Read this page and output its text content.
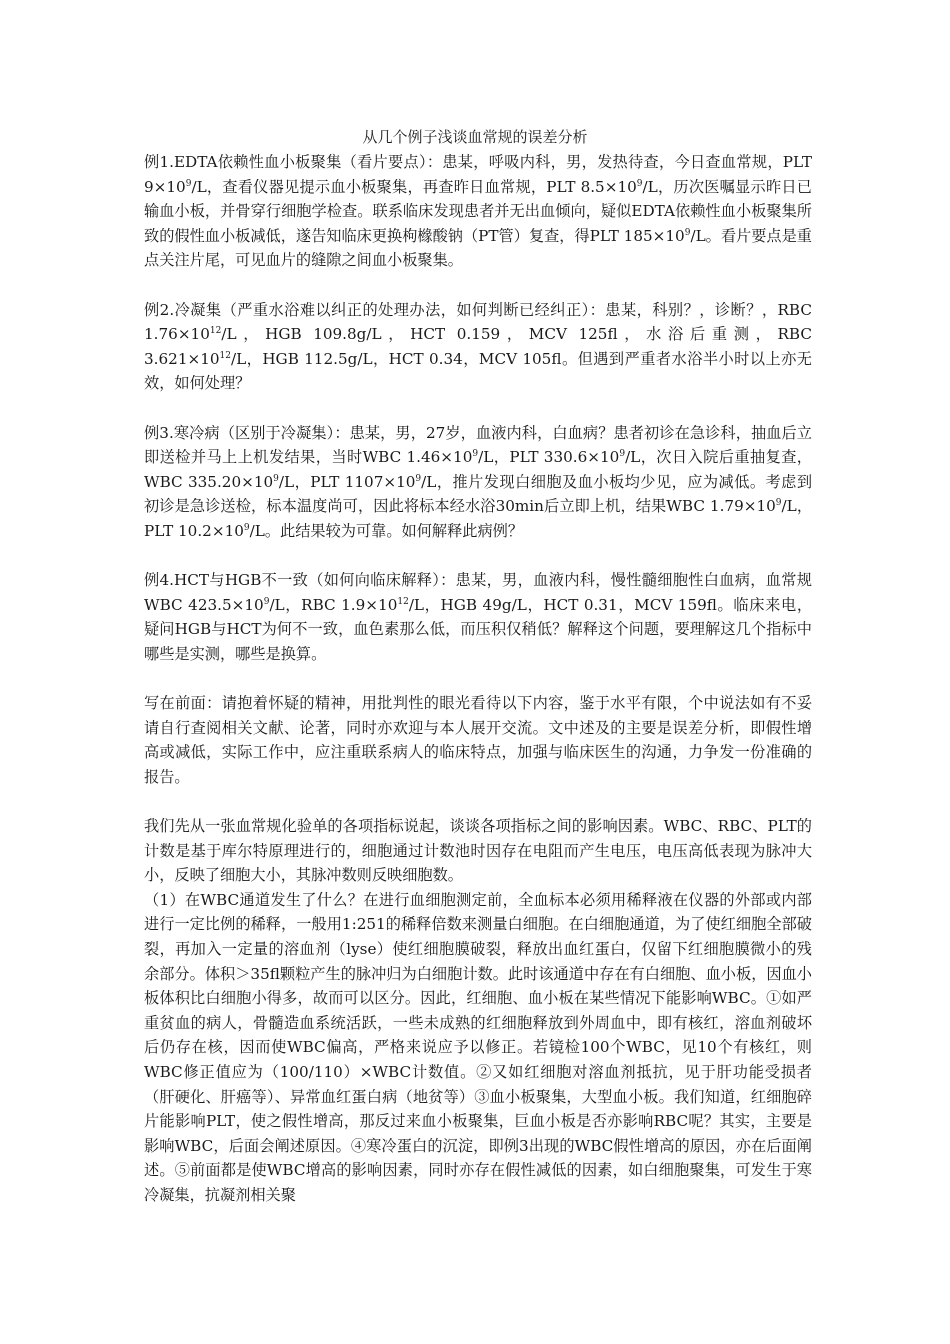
从几个例子浅谈血常规的误差分析

例1.EDTA依赖性血小板聚集（看片要点）：患某，呼吸内科，男，发热待查，今日查血常规，PLT $9\times 10^9/L$，查看仪器见提示血小板聚集，再查昨日血常规，PLT $8.5\times 10^9/L$，历次医嘱显示昨日已输血小板，并骨穿行细胞学检查。联系临床发现患者并无出血倾向，疑似EDTA依赖性血小板聚集所致的假性血小板减低，遂告知临床更换枸橼酸钠（PT管）复查，得PLT $185\times 10^9/L$。看片要点是重点关注片尾，可见血片的缝隙之间血小板聚集。

例2.冷凝集（严重水浴难以纠正的处理办法，如何判断已经纠正）：患某，科别？，诊断？，RBC $1.76\times 10^{12}/L$，HGB 109.8g/L，HCT 0.159，MCV 125fl，水浴后重测，RBC $3.621\times 10^{12}/L$，HGB 112.5g/L，HCT 0.34，MCV 105fl。但遇到严重者水浴半小时以上亦无效，如何处理？

例3.寒冷病（区别于冷凝集）：患某，男，27岁，血液内科，白血病？患者初诊在急诊科，抽血后立即送检并马上上机发结果，当时WBC $1.46\times 10^9/L$，PLT $330.6\times 10^9/L$，次日入院后重抽复查，WBC $335.20\times 10^9/L$，PLT $1107\times 10^9/L$，推片发现白细胞及血小板均少见，应为减低。考虑到初诊是急诊送检，标本温度尚可，因此将标本经水浴30min后立即上机，结果WBC $1.79\times 10^9/L$，PLT $10.2\times 10^9/L$。此结果较为可靠。如何解释此病例？

例4.HCT与HGB不一致（如何向临床解释）：患某，男，血液内科，慢性髓细胞性白血病，血常规WBC $423.5\times 10^9/L$，RBC $1.9\times 10^{12}/L$，HGB 49g/L，HCT 0.31，MCV 159fl。临床来电，疑问HGB与HCT为何不一致，血色素那么低，而压积仅稍低？解释这个问题，要理解这几个指标中哪些是实测，哪些是换算。

写在前面：请抱着怀疑的精神，用批判性的眼光看待以下内容，鉴于水平有限，个中说法如有不妥请自行查阅相关文献、论著，同时亦欢迎与本人展开交流。文中述及的主要是误差分析，即假性增高或减低，实际工作中，应注重联系病人的临床特点，加强与临床医生的沟通，力争发一份准确的报告。

我们先从一张血常规化验单的各项指标说起，谈谈各项指标之间的影响因素。WBC、RBC、PLT的计数是基于库尔特原理进行的，细胞通过计数池时因存在电阻而产生电压，电压高低表现为脉冲大小，反映了细胞大小，其脉冲数则反映细胞数。

（1）在WBC通道发生了什么？在进行血细胞测定前，全血标本必须用稀释液在仪器的外部或内部进行一定比例的稀释，一般用1:251的稀释倍数来测量白细胞。在白细胞通道，为了使红细胞全部破裂，再加入一定量的溶血剂（lyse）使红细胞膜破裂，释放出血红蛋白，仅留下红细胞膜微小的残余部分。体积＞35fl颗粒产生的脉冲归为白细胞计数。此时该通道中存在有白细胞、血小板，因血小板体积比白细胞小得多，故而可以区分。因此，红细胞、血小板在某些情况下能影响WBC。①如严重贫血的病人，骨髓造血系统活跃，一些未成熟的红细胞释放到外周血中，即有核红，溶血剂破坏后仍存在核，因而使WBC偏高，严格来说应予以修正。若镜检100个WBC，见10个有核红，则WBC修正值应为（100/110）×WBC计数值。②又如红细胞对溶血剂抵抗，见于肝功能受损者（肝硬化、肝癌等）、异常血红蛋白病（地贫等）③血小板聚集，大型血小板。我们知道，红细胞碎片能影响PLT，使之假性增高，那反过来血小板聚集，巨血小板是否亦影响RBC呢？其实，主要是影响WBC，后面会阐述原因。④寒冷蛋白的沉淀，即例3出现的WBC假性增高的原因，亦在后面阐述。⑤前面都是使WBC增高的影响因素，同时亦存在假性减低的因素，如白细胞聚集，可发生于寒冷凝集，抗凝剂相关聚
